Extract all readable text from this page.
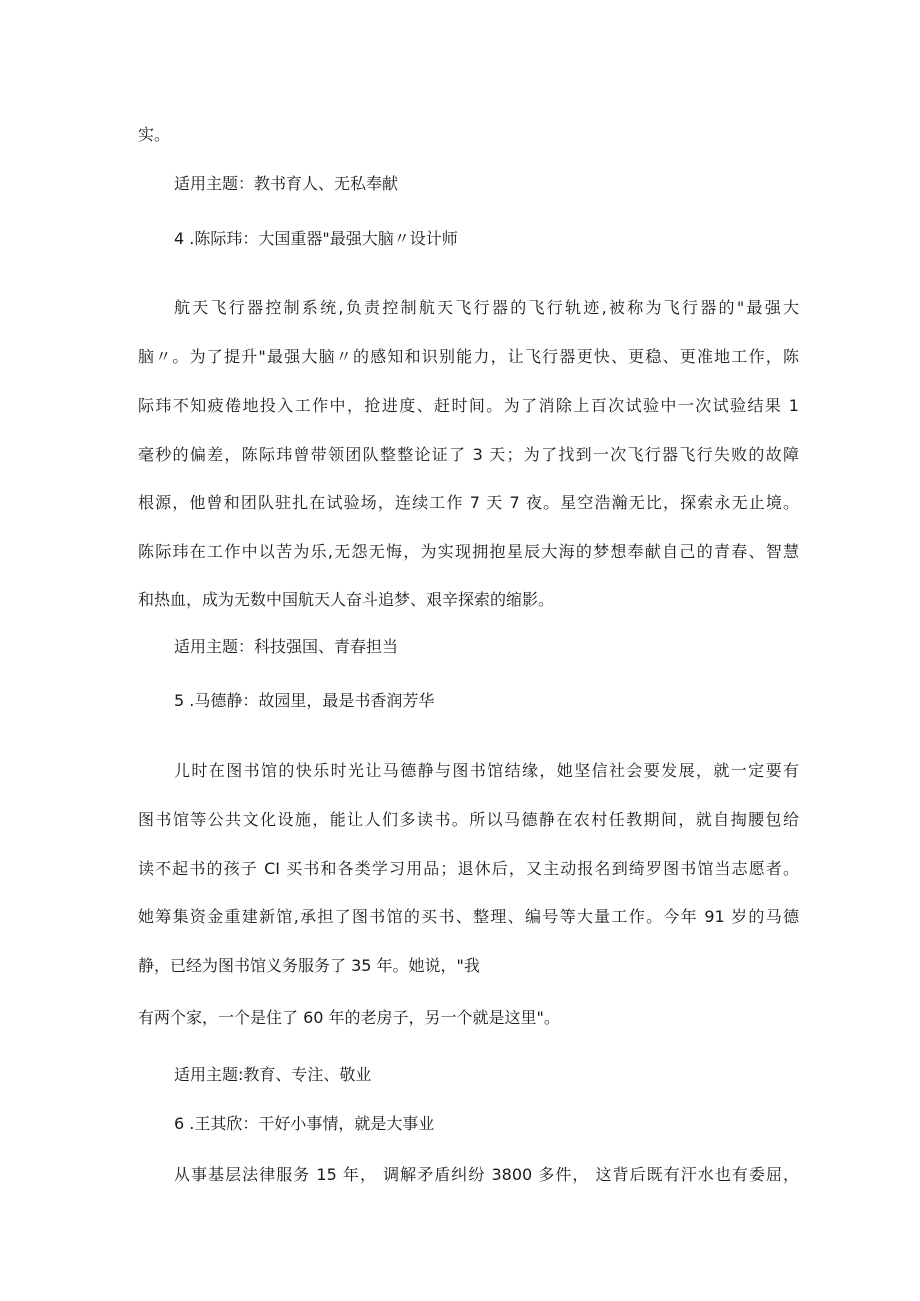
实。
适用主题：教书育人、无私奉献
4 .陈际玮：大国重器"最强大脑〃设计师
航天飞行器控制系统,负责控制航天飞行器的飞行轨迹,被称为飞行器的"最强大
脑〃。为了提升"最强大脑〃的感知和识别能力，让飞行器更快、更稳、更准地工作，陈
际玮不知疲倦地投入工作中，抢进度、赶时间。为了消除上百次试验中一次试验结果 1
毫秒的偏差，陈际玮曾带领团队整整论证了 3 天；为了找到一次飞行器飞行失败的故障
根源，他曾和团队驻扎在试验场，连续工作 7 天 7 夜。星空浩瀚无比，探索永无止境。
陈际玮在工作中以苦为乐,无怨无悔，为实现拥抱星辰大海的梦想奉献自己的青春、智慧
和热血，成为无数中国航天人奋斗追梦、艰辛探索的缩影。
适用主题：科技强国、青春担当
5 .马德静：故园里，最是书香润芳华
儿时在图书馆的快乐时光让马德静与图书馆结缘，她坚信社会要发展，就一定要有
图书馆等公共文化设施，能让人们多读书。所以马德静在农村任教期间，就自掏腰包给
读不起书的孩子 CI 买书和各类学习用品；退休后，又主动报名到绮罗图书馆当志愿者。
她筹集资金重建新馆,承担了图书馆的买书、整理、编号等大量工作。今年 91 岁的马德
静，已经为图书馆义务服务了 35 年。她说，"我
有两个家，一个是住了 60 年的老房子，另一个就是这里"。
适用主题:教育、专注、敬业
6 .王其欣：干好小事情，就是大事业
从事基层法律服务 15 年， 调解矛盾纠纷 3800 多件， 这背后既有汗水也有委屈，
